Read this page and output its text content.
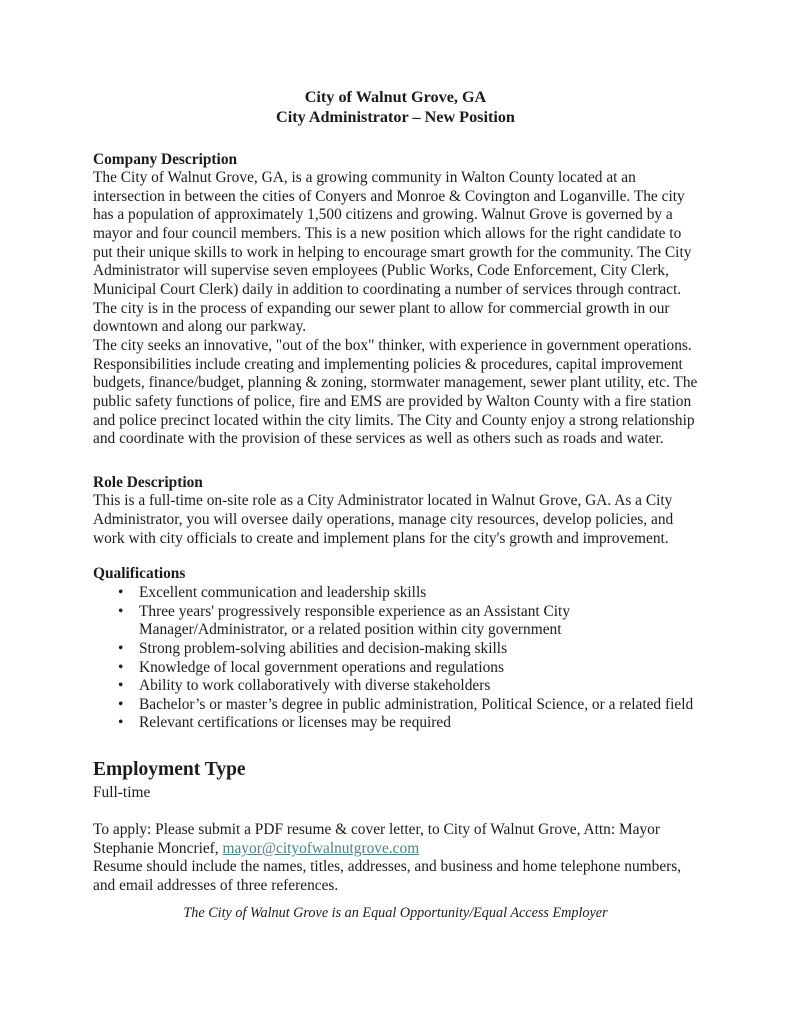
City of Walnut Grove, GA
City Administrator – New Position

Company Description

The City of Walnut Grove, GA, is a growing community in Walton County located at an intersection in between the cities of Conyers and Monroe & Covington and Loganville. The city has a population of approximately 1,500 citizens and growing. Walnut Grove is governed by a mayor and four council members. This is a new position which allows for the right candidate to put their unique skills to work in helping to encourage smart growth for the community. The City Administrator will supervise seven employees (Public Works, Code Enforcement, City Clerk, Municipal Court Clerk) daily in addition to coordinating a number of services through contract. The city is in the process of expanding our sewer plant to allow for commercial growth in our downtown and along our parkway.

The city seeks an innovative, "out of the box" thinker, with experience in government operations. Responsibilities include creating and implementing policies & procedures, capital improvement budgets, finance/budget, planning & zoning, stormwater management, sewer plant utility, etc. The public safety functions of police, fire and EMS are provided by Walton County with a fire station and police precinct located within the city limits. The City and County enjoy a strong relationship and coordinate with the provision of these services as well as others such as roads and water.

Role Description

This is a full-time on-site role as a City Administrator located in Walnut Grove, GA. As a City Administrator, you will oversee daily operations, manage city resources, develop policies, and work with city officials to create and implement plans for the city's growth and improvement.

Qualifications

• Excellent communication and leadership skills
• Three years' progressively responsible experience as an Assistant City Manager/Administrator, or a related position within city government
• Strong problem-solving abilities and decision-making skills
• Knowledge of local government operations and regulations
• Ability to work collaboratively with diverse stakeholders
• Bachelor’s or master’s degree in public administration, Political Science, or a related field
• Relevant certifications or licenses may be required

Employment Type

Full-time

To apply: Please submit a PDF resume & cover letter, to City of Walnut Grove, Attn: Mayor Stephanie Moncrief, mayor@cityofwalnutgrove.com

Resume should include the names, titles, addresses, and business and home telephone numbers, and email addresses of three references.

The City of Walnut Grove is an Equal Opportunity/Equal Access Employer
